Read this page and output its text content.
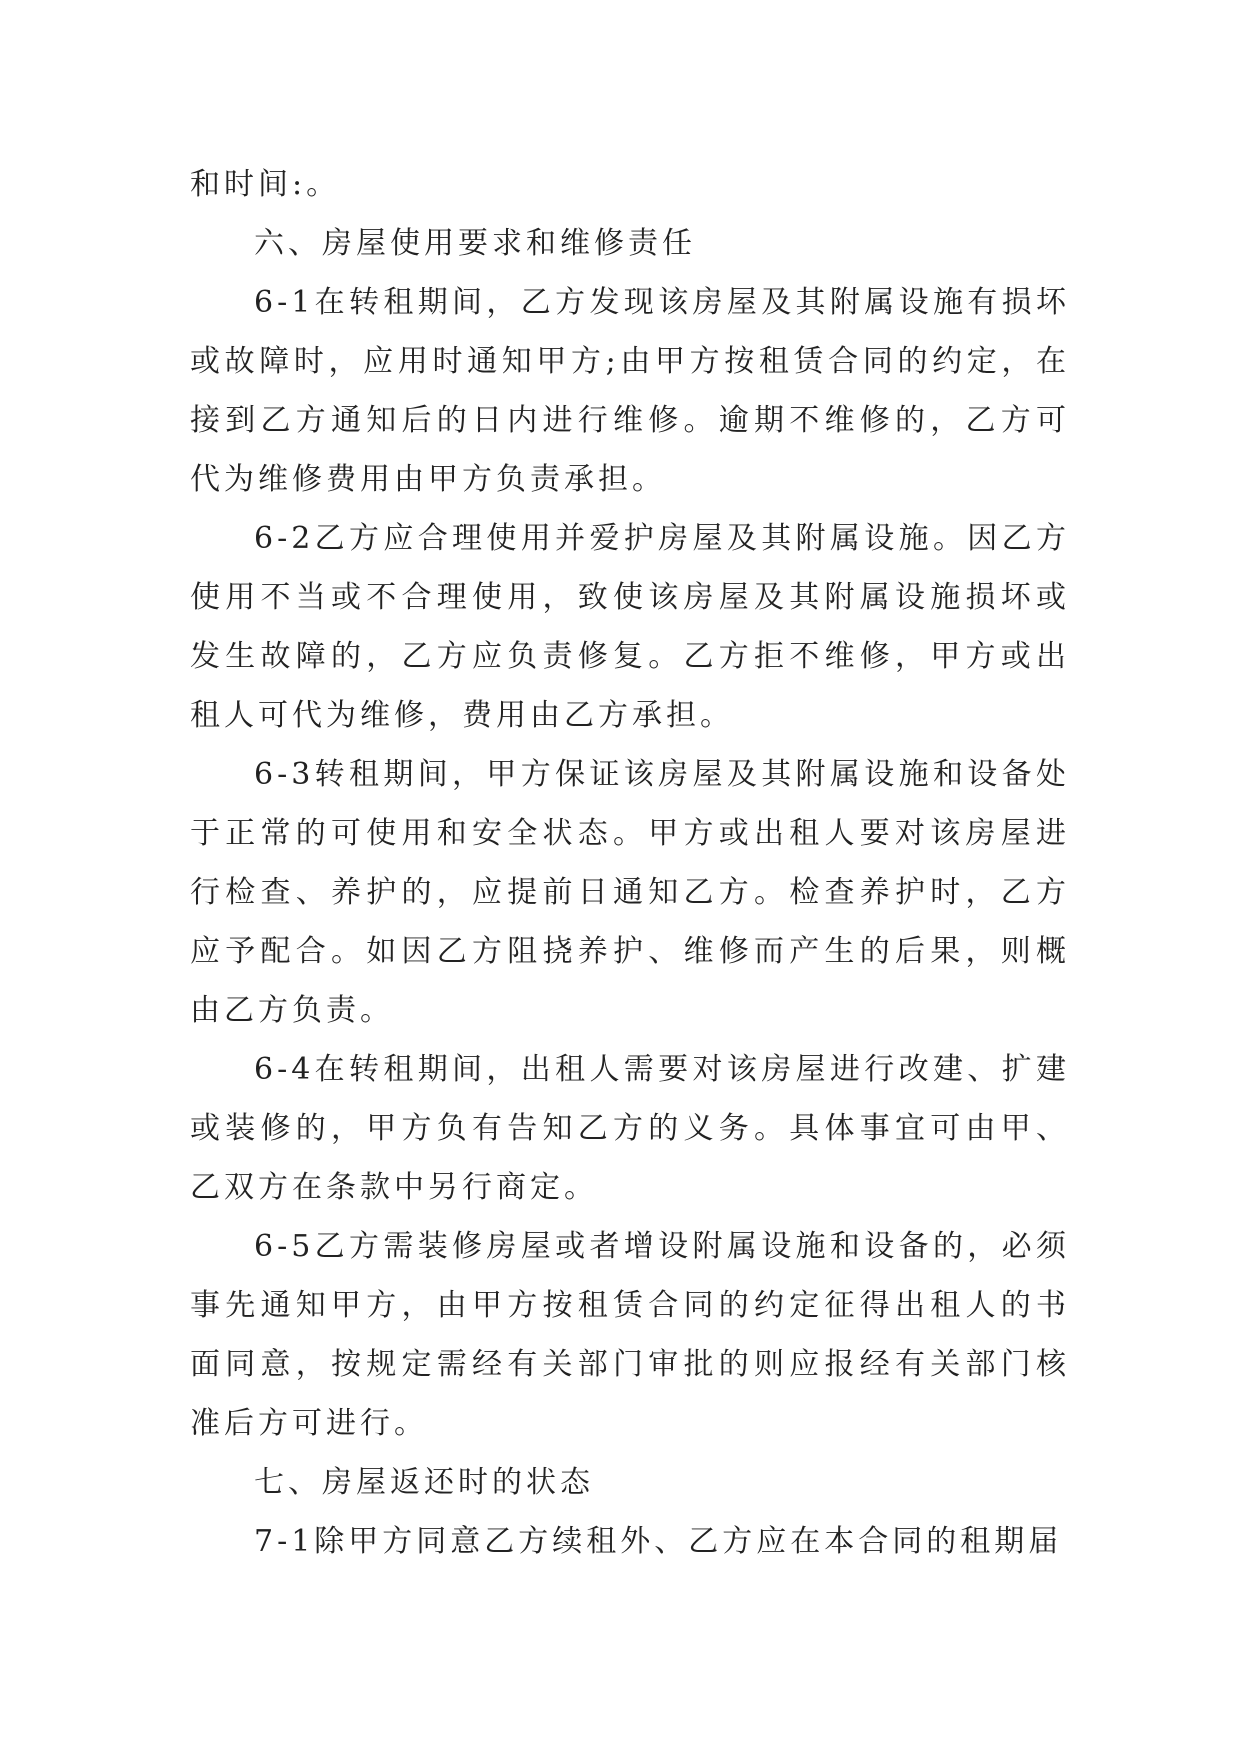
和时间:。

六、房屋使用要求和维修责任

6-1在转租期间，乙方发现该房屋及其附属设施有损坏或故障时，应用时通知甲方;由甲方按租赁合同的约定，在接到乙方通知后的日内进行维修。逾期不维修的，乙方可代为维修费用由甲方负责承担。

6-2乙方应合理使用并爱护房屋及其附属设施。因乙方使用不当或不合理使用，致使该房屋及其附属设施损坏或发生故障的，乙方应负责修复。乙方拒不维修，甲方或出租人可代为维修，费用由乙方承担。

6-3转租期间，甲方保证该房屋及其附属设施和设备处于正常的可使用和安全状态。甲方或出租人要对该房屋进行检查、养护的，应提前日通知乙方。检查养护时，乙方应予配合。如因乙方阻挠养护、维修而产生的后果，则概由乙方负责。

6-4在转租期间，出租人需要对该房屋进行改建、扩建或装修的，甲方负有告知乙方的义务。具体事宜可由甲、乙双方在条款中另行商定。

6-5乙方需装修房屋或者增设附属设施和设备的，必须事先通知甲方，由甲方按租赁合同的约定征得出租人的书面同意，按规定需经有关部门审批的则应报经有关部门核准后方可进行。

七、房屋返还时的状态

7-1除甲方同意乙方续租外、乙方应在本合同的租期届
